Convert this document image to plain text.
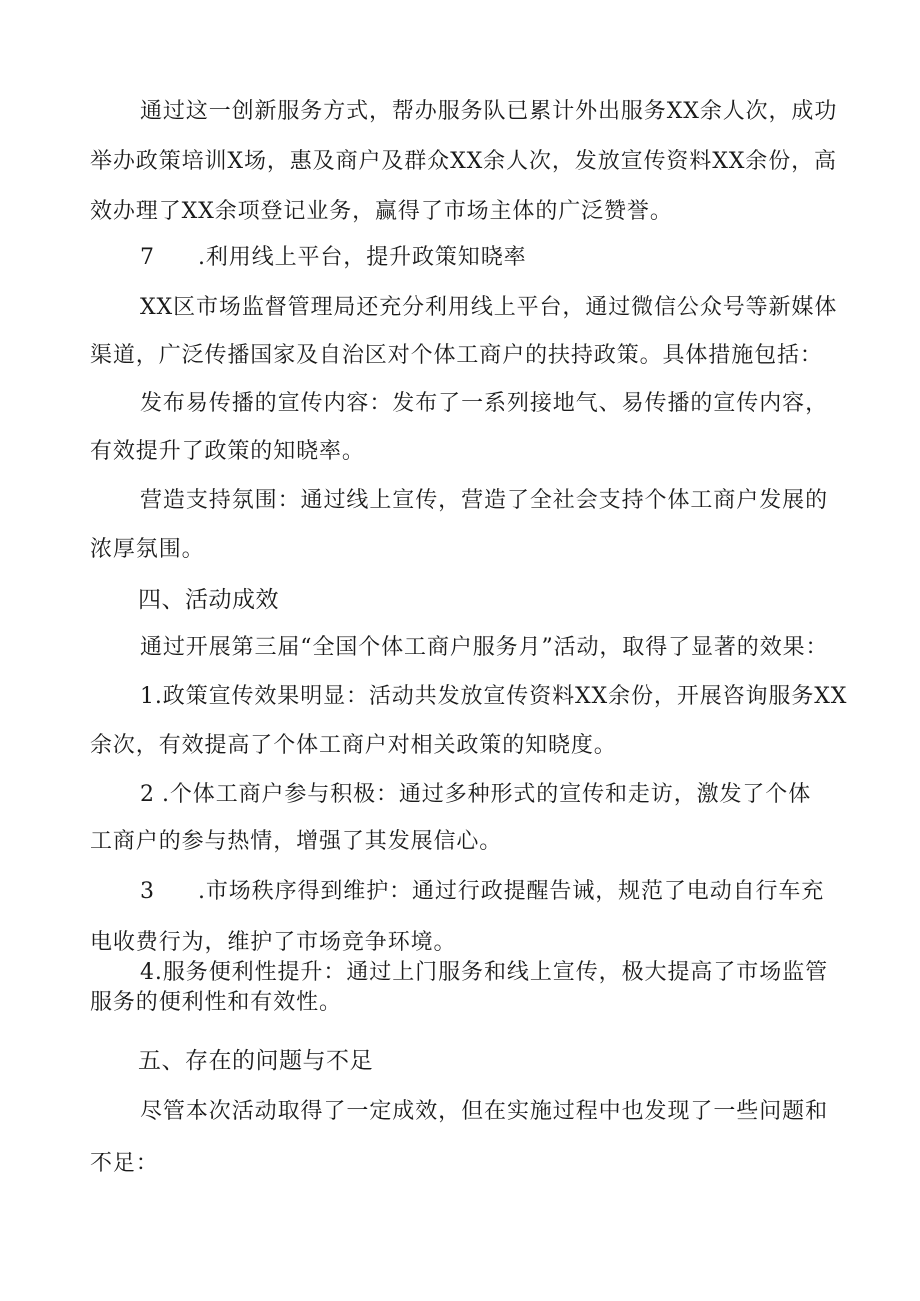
通过这一创新服务方式，帮办服务队已累计外出服务XX余人次，成功
举办政策培训X场，惠及商户及群众XX余人次，发放宣传资料XX余份，高
效办理了XX余项登记业务，赢得了市场主体的广泛赞誉。
7 .利用线上平台，提升政策知晓率
XX区市场监督管理局还充分利用线上平台，通过微信公众号等新媒体
渠道，广泛传播国家及自治区对个体工商户的扶持政策。具体措施包括：
发布易传播的宣传内容：发布了一系列接地气、易传播的宣传内容，
有效提升了政策的知晓率。
营造支持氛围：通过线上宣传，营造了全社会支持个体工商户发展的
浓厚氛围。
四、活动成效
通过开展第三届“全国个体工商户服务月”活动，取得了显著的效果：
1.政策宣传效果明显：活动共发放宣传资料XX余份，开展咨询服务XX
余次，有效提高了个体工商户对相关政策的知晓度。
2 .个体工商户参与积极：通过多种形式的宣传和走访，激发了个体
工商户的参与热情，增强了其发展信心。
3 .市场秩序得到维护：通过行政提醒告诫，规范了电动自行车充
电收费行为，维护了市场竞争环境。
4.服务便利性提升：通过上门服务和线上宣传，极大提高了市场监管
服务的便利性和有效性。
五、存在的问题与不足
尽管本次活动取得了一定成效，但在实施过程中也发现了一些问题和
不足：
